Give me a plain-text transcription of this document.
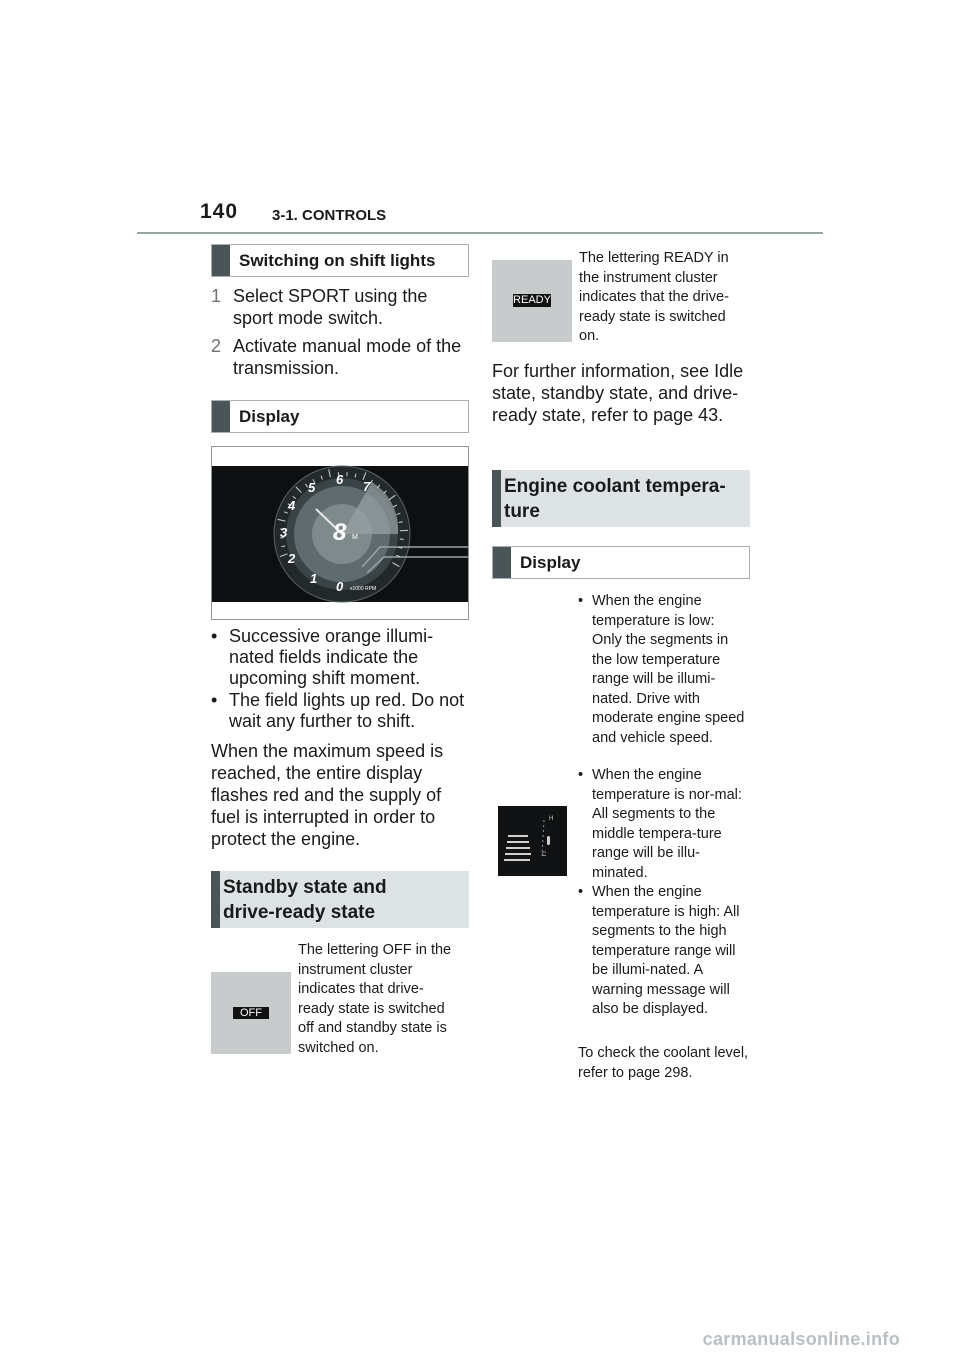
140 3-1. CONTROLS
Switching on shift lights
1 Select SPORT using the sport mode switch.
2 Activate manual mode of the transmission.
Display
0
1
2
3
4
5
6 7
8 M
x1000 RPM
• Successive orange illumi-nated fields indicate the upcoming shift moment.
• The field lights up red. Do not wait any further to shift.
When the maximum speed is reached, the entire display flashes red and the supply of fuel is interrupted in order to protect the engine.
Standby state and drive-ready state
OFF
The lettering OFF in the instrument cluster indicates that drive-ready state is switched off and standby state is switched on.
READY
The lettering READY in the instrument cluster indicates that the drive-ready state is switched on.
For further information, see Idle state, standby state, and drive-ready state, refer to page 43.
Engine coolant tempera-ture
Display
H
C
• When the engine temperature is low: Only the segments in the low temperature range will be illumi-nated. Drive with moderate engine speed and vehicle speed.
• When the engine temperature is nor-mal: All segments to the middle tempera-ture range will be illu-minated.
• When the engine temperature is high: All segments to the high temperature range will be illumi-nated. A warning message will also be displayed.
To check the coolant level, refer to page 298.
carmanualsonline.info
